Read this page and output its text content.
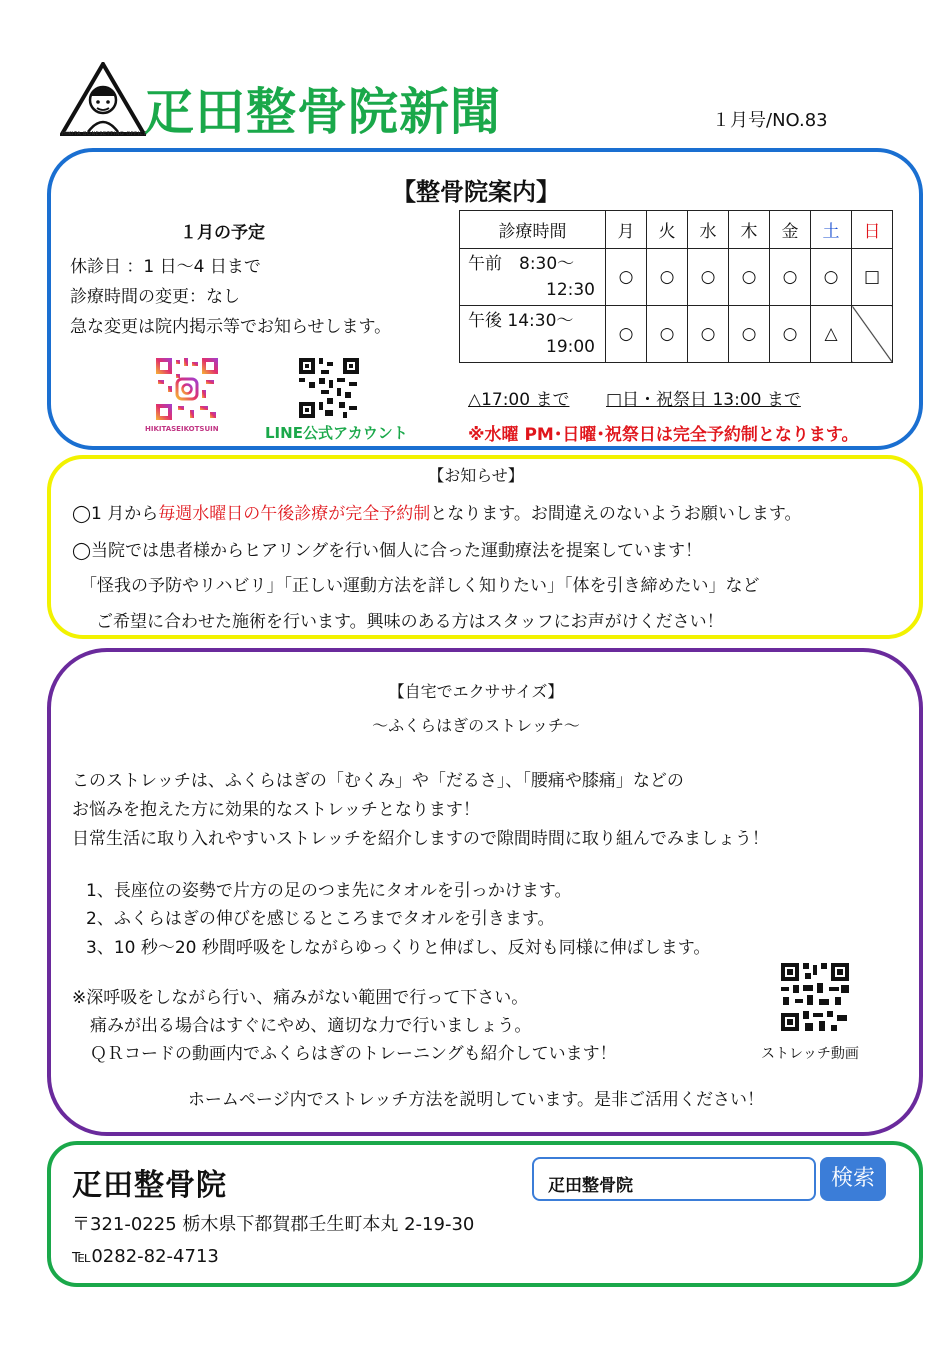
HIKITA BONESETTING OFFICE
疋田整骨院新聞	１月号/NO.83
【整骨院案内】
１月の予定
休診日 ：1 日〜4 日まで
診療時間の変更：なし
急な変更は院内掲示等でお知らせします。
診療時間	月	火	水	木	金	土	日
午前　8:30〜
12:30	○	○	○	○	○	○	□
午後 14:30〜
19:00	○	○	○	○	○	△	
△17:00 まで □日・祝祭日 13:00 まで
※水曜 PM･日曜･祝祭日は完全予約制となります。
HIKITASEIKOTSUIN	LINE公式アカウント
【お知らせ】
◯1 月から毎週水曜日の午後診療が完全予約制となります。お間違えのないようお願いします。
◯当院では患者様からヒアリングを行い個人に合った運動療法を提案しています！
「怪我の予防やリハビリ」「正しい運動方法を詳しく知りたい」「体を引き締めたい」など
ご希望に合わせた施術を行います。興味のある方はスタッフにお声がけください！
【自宅でエクササイズ】
〜ふくらはぎのストレッチ〜
このストレッチは、ふくらはぎの「むくみ」や「だるさ」、「腰痛や膝痛」などの
お悩みを抱えた方に効果的なストレッチとなります！
日常生活に取り入れやすいストレッチを紹介しますので隙間時間に取り組んでみましょう！
1、長座位の姿勢で片方の足のつま先にタオルを引っかけます。
2、ふくらはぎの伸びを感じるところまでタオルを引きます。
3、10 秒〜20 秒間呼吸をしながらゆっくりと伸ばし、反対も同様に伸ばします。
※深呼吸をしながら行い、痛みがない範囲で行って下さい。
痛みが出る場合はすぐにやめ、適切な力で行いましょう。
ＱＲコードの動画内でふくらはぎのトレーニングも紹介しています！	ストレッチ動画
ホームページ内でストレッチ方法を説明しています。是非ご活用ください！
疋田整骨院	疋田整骨院	検索
〒321-0225 栃木県下都賀郡壬生町本丸 2-19-30
℡0282-82-4713
